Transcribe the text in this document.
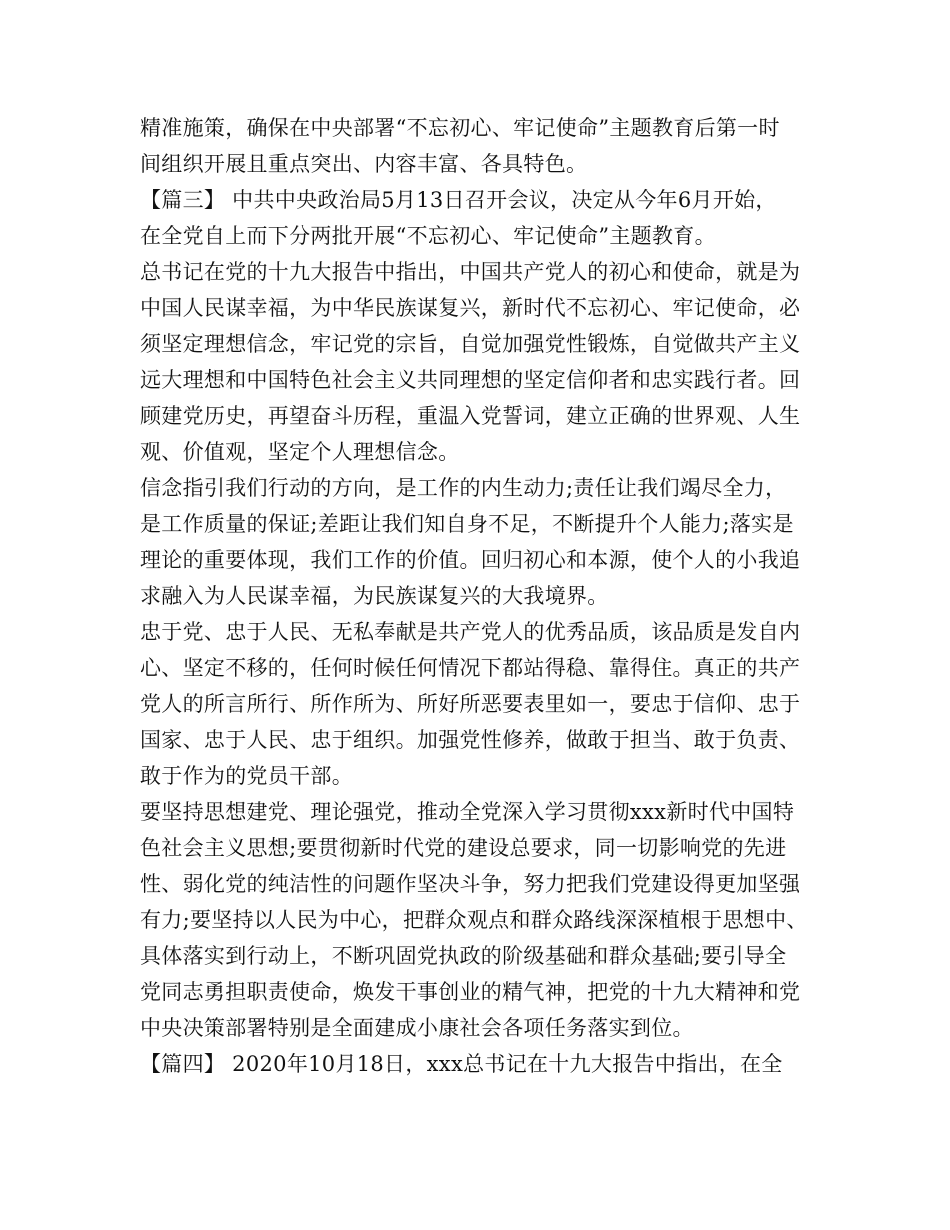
精准施策，确保在中央部署“不忘初心、牢记使命”主题教育后第一时
间组织开展且重点突出、内容丰富、各具特色。
【篇三】 中共中央政治局5月13日召开会议，决定从今年6月开始，
在全党自上而下分两批开展“不忘初心、牢记使命”主题教育。
总书记在党的十九大报告中指出，中国共产党人的初心和使命，就是为
中国人民谋幸福，为中华民族谋复兴，新时代不忘初心、牢记使命，必
须坚定理想信念，牢记党的宗旨，自觉加强党性锻炼，自觉做共产主义
远大理想和中国特色社会主义共同理想的坚定信仰者和忠实践行者。回
顾建党历史，再望奋斗历程，重温入党誓词，建立正确的世界观、人生
观、价值观，坚定个人理想信念。
信念指引我们行动的方向，是工作的内生动力;责任让我们竭尽全力，
是工作质量的保证;差距让我们知自身不足，不断提升个人能力;落实是
理论的重要体现，我们工作的价值。回归初心和本源，使个人的小我追
求融入为人民谋幸福，为民族谋复兴的大我境界。
忠于党、忠于人民、无私奉献是共产党人的优秀品质，该品质是发自内
心、坚定不移的，任何时候任何情况下都站得稳、靠得住。真正的共产
党人的所言所行、所作所为、所好所恶要表里如一，要忠于信仰、忠于
国家、忠于人民、忠于组织。加强党性修养，做敢于担当、敢于负责、
敢于作为的党员干部。
要坚持思想建党、理论强党，推动全党深入学习贯彻xxx新时代中国特
色社会主义思想;要贯彻新时代党的建设总要求，同一切影响党的先进
性、弱化党的纯洁性的问题作坚决斗争，努力把我们党建设得更加坚强
有力;要坚持以人民为中心，把群众观点和群众路线深深植根于思想中、
具体落实到行动上，不断巩固党执政的阶级基础和群众基础;要引导全
党同志勇担职责使命，焕发干事创业的精气神，把党的十九大精神和党
中央决策部署特别是全面建成小康社会各项任务落实到位。
【篇四】 2020年10月18日，xxx总书记在十九大报告中指出，在全
